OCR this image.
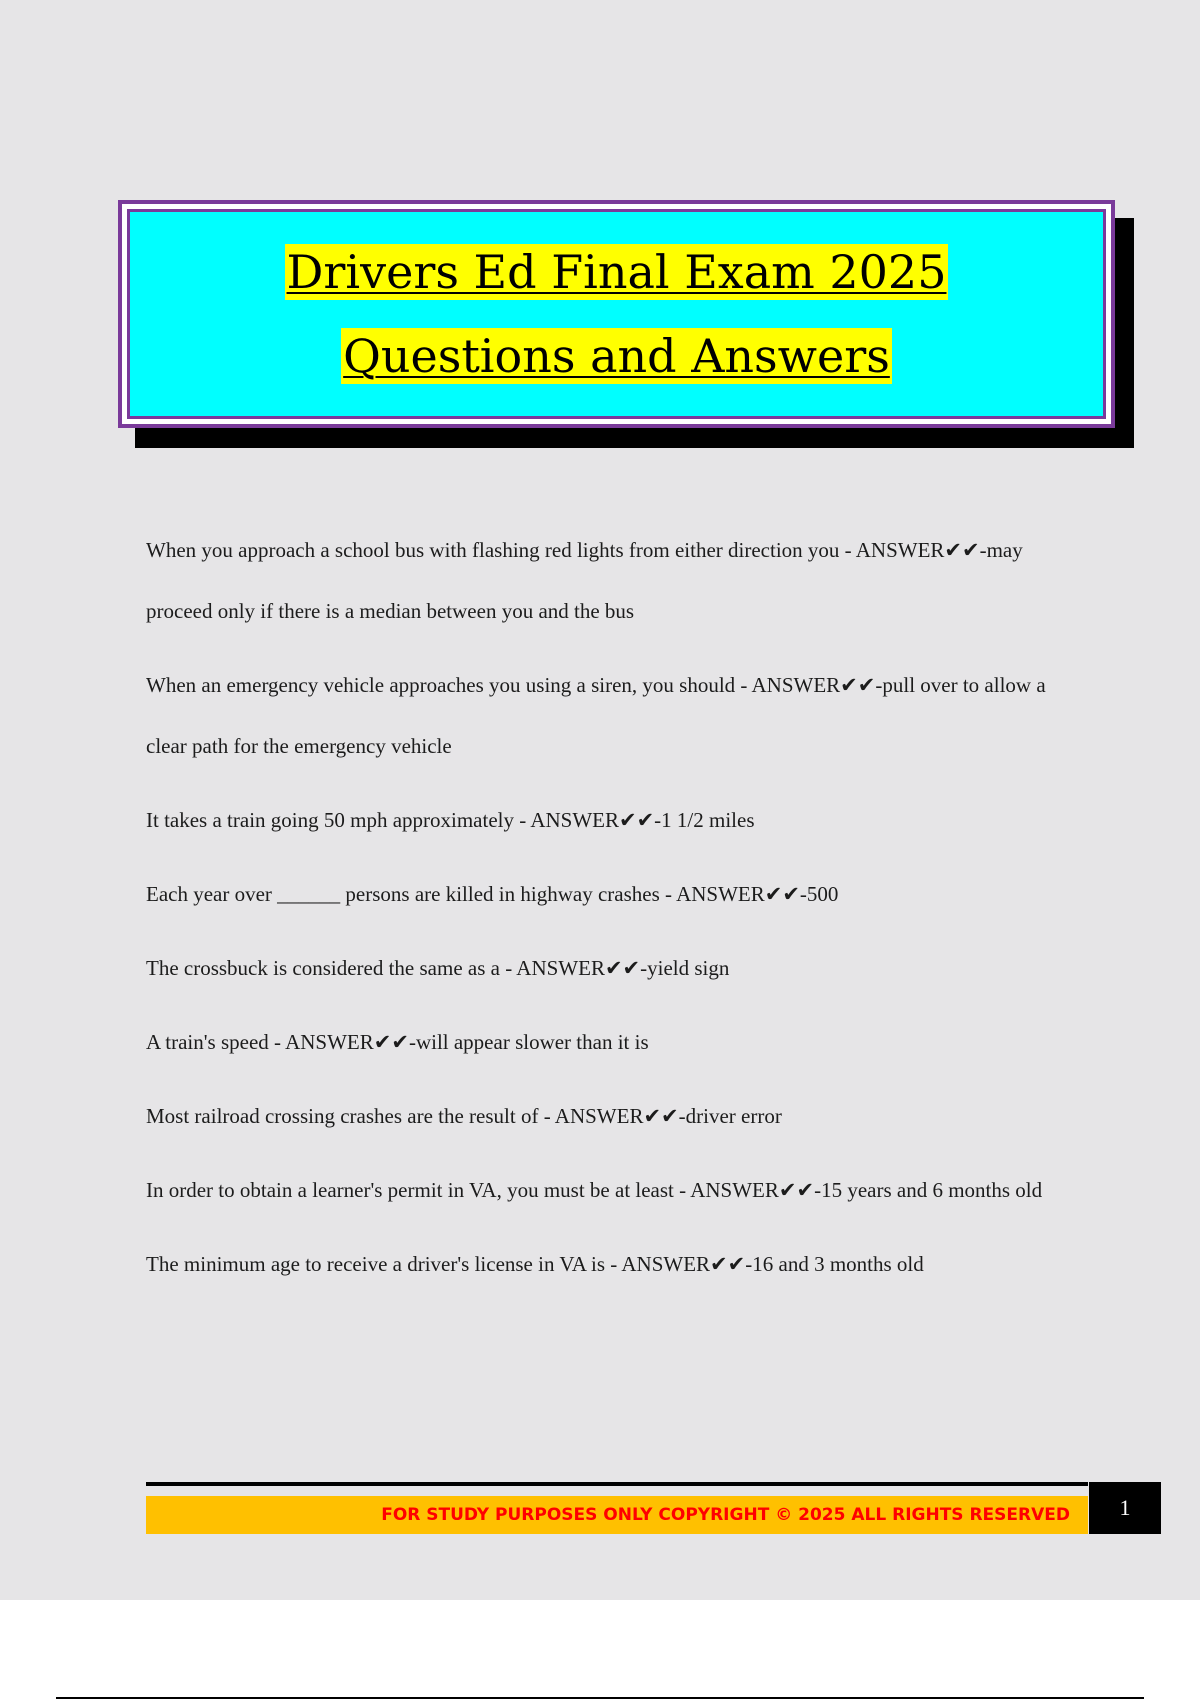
Drivers Ed Final Exam 2025
Questions and Answers
When you approach a school bus with flashing red lights from either direction you - ANSWER✔✔-may proceed only if there is a median between you and the bus
When an emergency vehicle approaches you using a siren, you should - ANSWER✔✔-pull over to allow a clear path for the emergency vehicle
It takes a train going 50 mph approximately - ANSWER✔✔-1 1/2 miles
Each year over ______ persons are killed in highway crashes - ANSWER✔✔-500
The crossbuck is considered the same as a - ANSWER✔✔-yield sign
A train's speed - ANSWER✔✔-will appear slower than it is
Most railroad crossing crashes are the result of - ANSWER✔✔-driver error
In order to obtain a learner's permit in VA, you must be at least - ANSWER✔✔-15 years and 6 months old
The minimum age to receive a driver's license in VA is - ANSWER✔✔-16 and 3 months old
FOR STUDY PURPOSES ONLY COPYRIGHT © 2025 ALL RIGHTS RESERVED 1
